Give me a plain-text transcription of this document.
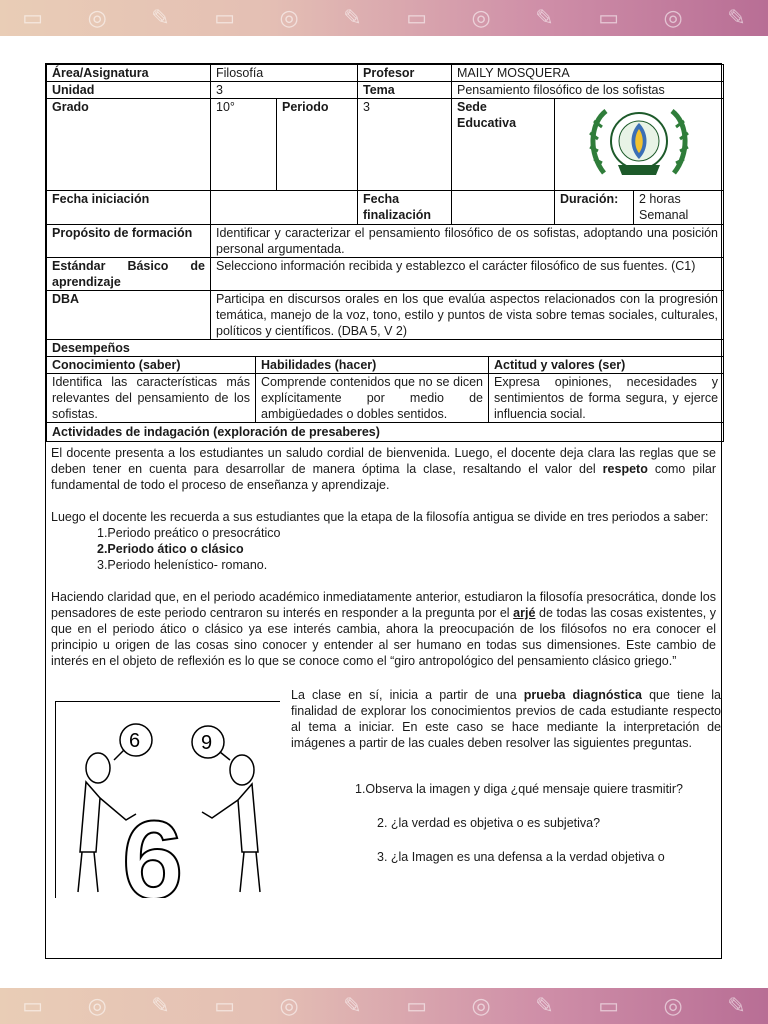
▭ ◎ ✎ ▭ ◎ ✎ ▭ ◎ ✎ ▭ ◎ ✎
Área/Asignatura	Filosofía		Profesor	MAILY MOSQUERA		
Unidad	3		Tema	Pensamiento filosófico de los sofistas		
Grado	10°	Periodo	3	Sede Educativa	
Fecha iniciación			Fecha finalización		Duración:	2 horas Semanal
Propósito de formación	Identificar y caracterizar el pensamiento filosófico de os sofistas, adoptando una posición personal argumentada.					
Estándar Básico de aprendizaje	Selecciono información recibida y establezco el carácter filosófico de sus fuentes. (C1)					
DBA	Participa en discursos orales en los que evalúa aspectos relacionados con la progresión temática, manejo de la voz, tono, estilo y puntos de vista sobre temas sociales, culturales, políticos y científicos. (DBA 5, V 2)					
Desempeños		
Conocimiento (saber)	Habilidades (hacer)	Actitud y valores (ser)
Identifica las características más relevantes del pensamiento de los sofistas.	Comprende contenidos que no se dicen explícitamente por medio de ambigüedades o dobles sentidos.	Expresa opiniones, necesidades y sentimientos de forma segura, y ejerce influencia social.
Actividades de indagación (exploración de presaberes)		

El docente presenta a los estudiantes un saludo cordial de bienvenida. Luego, el docente deja clara las reglas que se deben tener en cuenta para desarrollar de manera óptima la clase, resaltando el valor del respeto como pilar fundamental de todo el proceso de enseñanza y aprendizaje.

Luego el docente les recuerda a sus estudiantes que la etapa de la filosofía antigua se divide en tres periodos a saber:

1.Periodo preático o presocrático
2.Periodo ático o clásico
3.Periodo helenístico- romano.

Haciendo claridad que, en el periodo académico inmediatamente anterior, estudiaron la filosofía presocrática, donde los pensadores de este periodo centraron su interés en responder a la pregunta por el arjé de todas las cosas existentes, y que en el periodo ático o clásico ya ese interés cambia, ahora la preocupación de los filósofos no era conocer el principio u origen de las cosas sino conocer y entender al ser humano en todas sus dimensiones. Este cambio de interés en el objeto de reflexión es lo que se conoce como el “giro antropológico del pensamiento clásico griego.”

6	9
6

La clase en sí, inicia a partir de una prueba diagnóstica que tiene la finalidad de explorar los conocimientos previos de cada estudiante respecto al tema a iniciar. En este caso se hace mediante la interpretación de imágenes a partir de las cuales deben resolver las siguientes preguntas.

1.Observa la imagen y diga ¿qué mensaje quiere trasmitir?

2. ¿la verdad es objetiva o es subjetiva?

3. ¿la Imagen es una defensa a la verdad objetiva o

▭ ◎ ✎ ▭ ◎ ✎ ▭ ◎ ✎ ▭ ◎ ✎
